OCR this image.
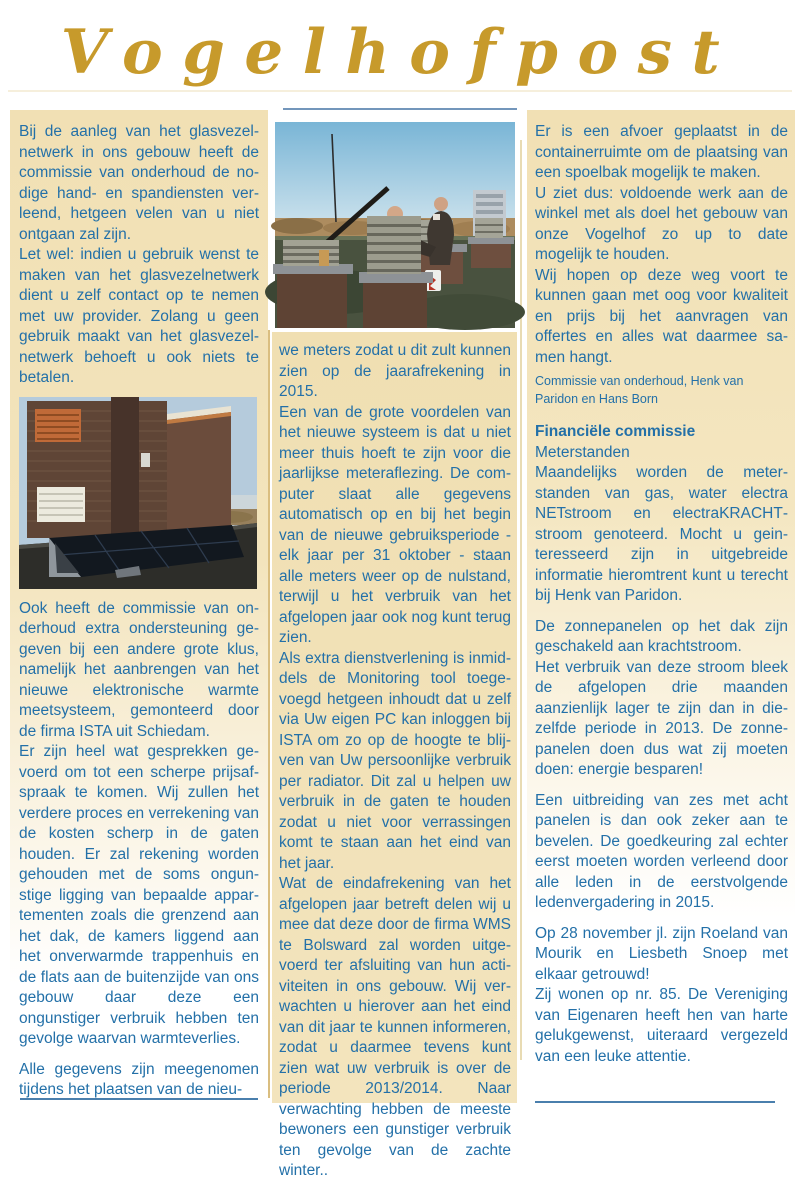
Vogelhofpost

Bij de aanleg van het glasvezelnetwerk in ons gebouw heeft de commissie van onderhoud de nodige hand- en spandiensten verleend, hetgeen velen van u niet ontgaan zal zijn.
Let wel: indien u gebruik wenst te maken van het glasvezelnetwerk dient u zelf contact op te nemen met uw provider. Zolang u geen gebruik maakt van het glasvezelnetwerk behoeft u ook niets te betalen.

Ook heeft de commissie van onderhoud extra ondersteuning gegeven bij een andere grote klus, namelijk het aanbrengen van het nieuwe elektronische warmte meetsysteem, gemonteerd door de firma ISTA uit Schiedam.
Er zijn heel wat gesprekken gevoerd om tot een scherpe prijsafspraak te komen. Wij zullen het verdere proces en verrekening van de kosten scherp in de gaten houden. Er zal rekening worden gehouden met de soms ongunstige ligging van bepaalde appartementen zoals die grenzend aan het dak, de kamers liggend aan het onverwarmde trappenhuis en de flats aan de buitenzijde van ons gebouw daar deze een ongunstiger verbruik hebben ten gevolge waarvan warmteverlies.

Alle gegevens zijn meegenomen tijdens het plaatsen van de nieu-

we meters zodat u dit zult kunnen zien op de jaarafrekening in 2015.
Een van de grote voordelen van het nieuwe systeem is dat u niet meer thuis hoeft te zijn voor die jaarlijkse meteraflezing. De computer slaat alle gegevens automatisch op en bij het begin van de nieuwe gebruiksperiode - elk jaar per 31 oktober - staan alle meters weer op de nulstand, terwijl u het verbruik van het afgelopen jaar ook nog kunt terug zien.
Als extra dienstverlening is inmiddels de Monitoring tool toegevoegd hetgeen inhoudt dat u zelf via Uw eigen PC kan inloggen bij ISTA om zo op de hoogte te blijven van Uw persoonlijke verbruik per radiator. Dit zal u helpen uw verbruik in de gaten te houden zodat u niet voor verrassingen komt te staan aan het eind van het jaar.
Wat de eindafrekening van het afgelopen jaar betreft delen wij u mee dat deze door de firma WMS te Bolsward zal worden uitgevoerd ter afsluiting van hun activiteiten in ons gebouw. Wij verwachten u hierover aan het eind van dit jaar te kunnen informeren, zodat u daarmee tevens kunt zien wat uw verbruik is over de periode 2013/2014. Naar verwachting hebben de meeste bewoners een gunstiger verbruik ten gevolge van de zachte winter..

Er is een afvoer geplaatst in de containerruimte om de plaatsing van een spoelbak mogelijk te maken.
U ziet dus: voldoende werk aan de winkel met als doel het gebouw van onze Vogelhof zo up to date mogelijk te houden.
Wij hopen op deze weg voort te kunnen gaan met oog voor kwaliteit en prijs bij het aanvragen van offertes en alles wat daarmee samen hangt.

Commissie van onderhoud, Henk van Paridon en Hans Born

Financiële commissie

Meterstanden

Maandelijks worden de meterstanden van gas, water electra NETstroom en electraKRACHTstroom genoteerd. Mocht u geinteresseerd zijn in uitgebreide informatie hieromtrent kunt u terecht bij Henk van Paridon.

De zonnepanelen op het dak zijn geschakeld aan krachtstroom.
Het verbruik van deze stroom bleek de afgelopen drie maanden aanzienlijk lager te zijn dan in diezelfde periode in 2013. De zonnepanelen doen dus wat zij moeten doen: energie besparen!

Een uitbreiding van zes met acht panelen is dan ook zeker aan te bevelen. De goedkeuring zal echter eerst moeten worden verleend door alle leden in de eerstvolgende ledenvergadering in 2015.

Op 28 november jl. zijn Roeland van Mourik en Liesbeth Snoep met elkaar getrouwd!
Zij wonen op nr. 85. De Vereniging van Eigenaren heeft hen van harte gelukgewenst, uiteraard vergezeld van een leuke attentie.
